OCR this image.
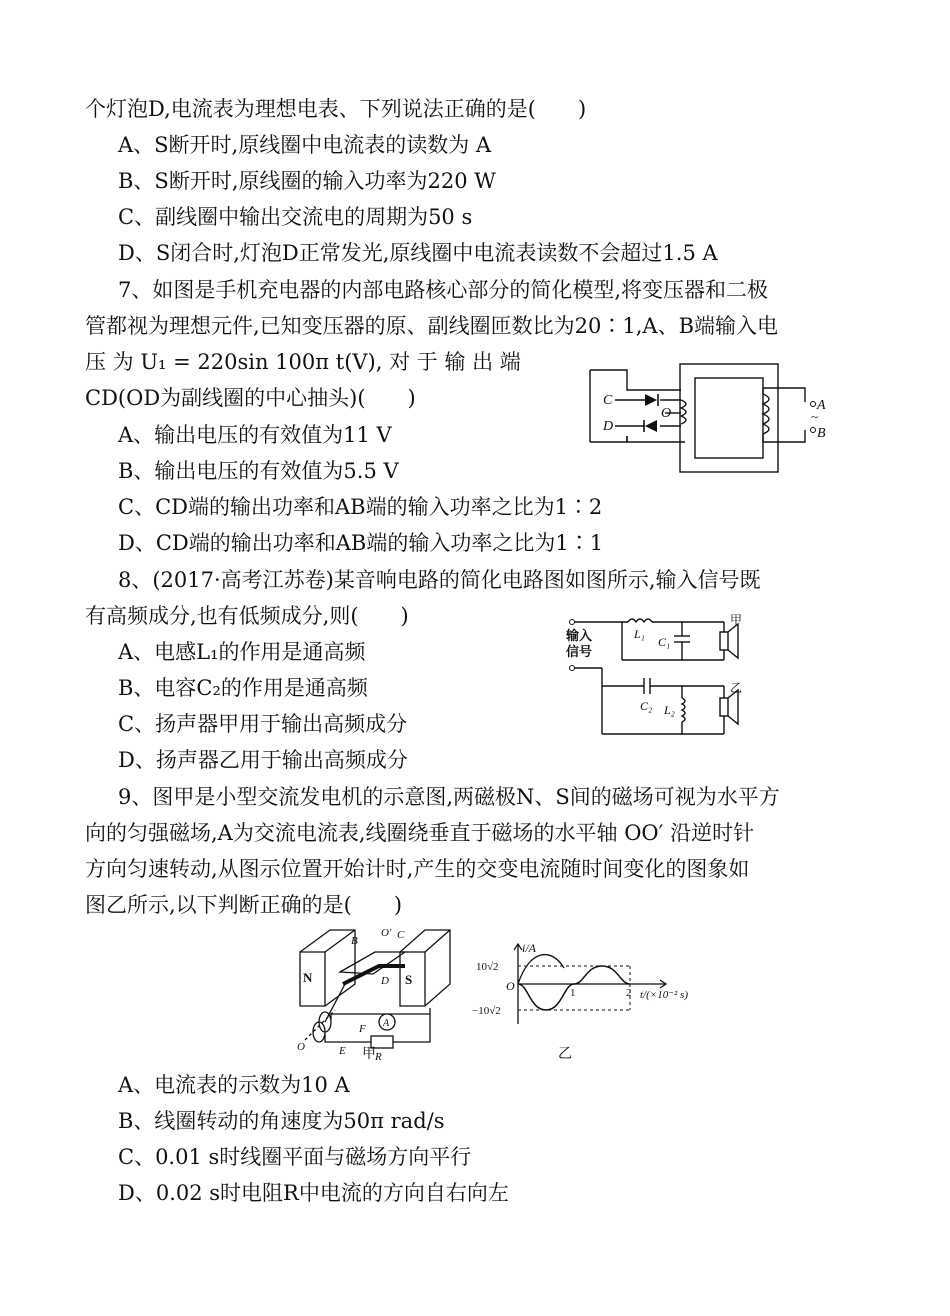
个灯泡D,电流表为理想电表、下列说法正确的是(　　)
A、S断开时,原线圈中电流表的读数为 A
B、S断开时,原线圈的输入功率为220 W
C、副线圈中输出交流电的周期为50 s
D、S闭合时,灯泡D正常发光,原线圈中电流表读数不会超过1.5 A
7、如图是手机充电器的内部电路核心部分的简化模型,将变压器和二极
管都视为理想元件,已知变压器的原、副线圈匝数比为20∶1,A、B端输入电
压 为 U₁ = 220sin 100π t(V), 对 于 输 出 端
CD(OD为副线圈的中心抽头)(　　)
A、输出电压的有效值为11 V
B、输出电压的有效值为5.5 V
C、CD端的输出功率和AB端的输入功率之比为1∶2
D、CD端的输出功率和AB端的输入功率之比为1∶1
8、(2017·高考江苏卷)某音响电路的简化电路图如图所示,输入信号既
有高频成分,也有低频成分,则(　　)
A、电感L₁的作用是通高频
B、电容C₂的作用是通高频
C、扬声器甲用于输出高频成分
D、扬声器乙用于输出高频成分
9、图甲是小型交流发电机的示意图,两磁极N、S间的磁场可视为水平方
向的匀强磁场,A为交流电流表,线圈绕垂直于磁场的水平轴 OO′ 沿逆时针
方向匀速转动,从图示位置开始计时,产生的交变电流随时间变化的图象如
图乙所示,以下判断正确的是(　　)
A、电流表的示数为10 A
B、线圈转动的角速度为50π rad/s
C、0.01 s时线圈平面与磁场方向平行
D、0.02 s时电阻R中电流的方向自右向左
C
D
O
A
~
B
输入
信号
L₁
C₁
甲
C₂ L₂
乙
N	S
B
O′ C
D
F A
E	R
O	甲
i/A
10√2
−10√2
O	1	2 t/(×10⁻² s)
乙
